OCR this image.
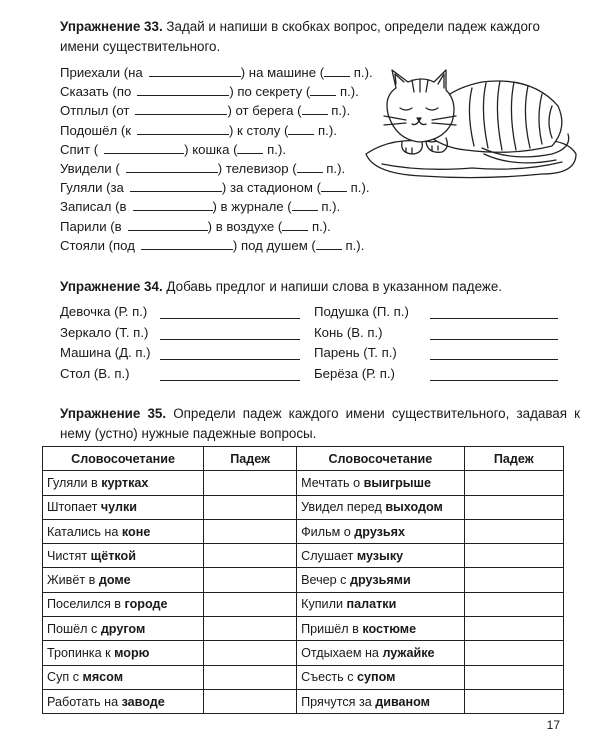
Упражнение 33. Задай и напиши в скобках вопрос, определи падеж каждого имени существительного.
Приехали (на	) на машине ( п.).
Сказать (по	) по секрету ( п.).
Отплыл (от	) от берега ( п.).
Подошёл (к	) к столу ( п.).
Спит (	) кошка ( п.).
Увидели (	) телевизор ( п.).
Гуляли (за	) за стадионом ( п.).
Записал (в	) в журнале ( п.).
Парили (в	) в воздухе ( п.).
Стояли (под	) под душем ( п.).
Упражнение 34. Добавь предлог и напиши слова в указанном падеже.
Девочка (Р. п.)	Подушка (П. п.)
Зеркало (Т. п.)	Конь (В. п.)
Машина (Д. п.)	Парень (Т. п.)
Стол (В. п.)	Берёза (Р. п.)
Упражнение 35. Определи падеж каждого имени существительного, задавая к нему (устно) нужные падежные вопросы.
Словосочетание	Падеж	Словосочетание	Падеж
Гуляли в куртках		Мечтать о выигрыше	
Штопает чулки		Увидел перед выходом	
Катались на коне		Фильм о друзьях	
Чистят щёткой		Слушает музыку	
Живёт в доме		Вечер с друзьями	
Поселился в городе		Купили палатки	
Пошёл с другом		Пришёл в костюме	
Тропинка к морю		Отдыхаем на лужайке	
Суп с мясом		Съесть с супом	
Работать на заводе		Прячутся за диваном	
17
